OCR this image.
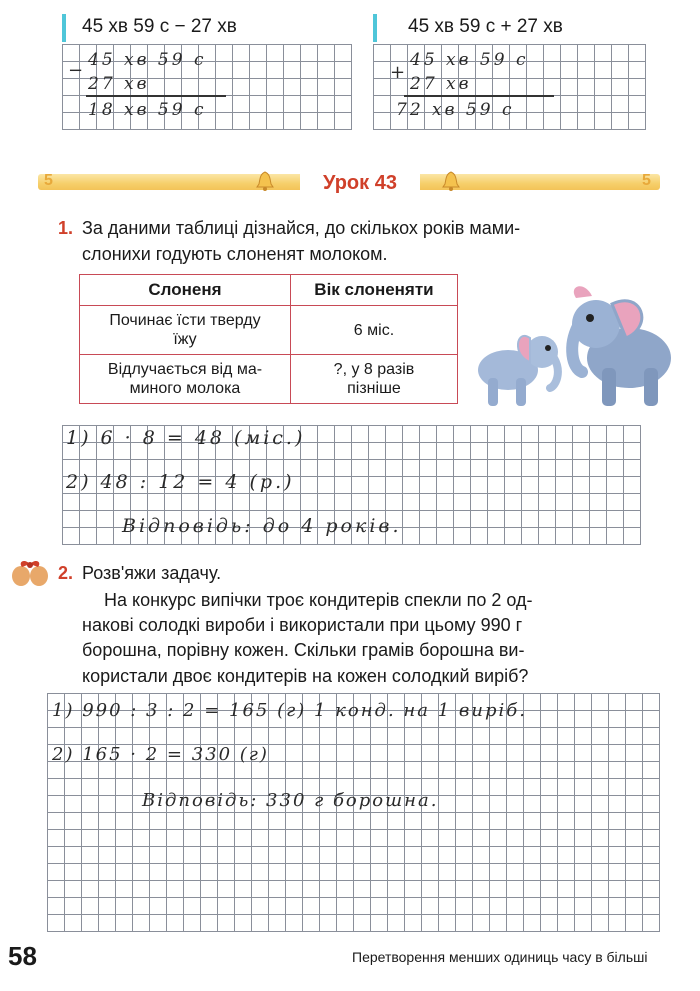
45 хв 59 с − 27 хв
− 45 хв 59 с
27 хв
18 хв 59 с
45 хв 59 с + 27 хв
+
45 хв 59 с
27 хв
72 хв 59 с
5	5
Урок 43
1. За даними таблиці дізнайся, до скількох років мами-
слонихи годують слоненят молоком.
Слоненя	Вік слоненяти
Починає їсти тверду
їжу	6 міс.
Відлучається від ма-
миного молока	?, у 8 разів
пізніше
1) 6 · 8 = 48 (міс.)
2) 48 : 12 = 4 (р.)
Відповідь: до 4 років.
2. Розв'яжи задачу.
На конкурс випічки троє кондитерів спекли по 2 од-
накові солодкі вироби і використали при цьому 990 г
борошна, порівну кожен. Скільки грамів борошна ви-
користали двоє кондитерів на кожен солодкий виріб?
1) 990 : 3 : 2 = 165 (г) 1 конд. на 1 виріб.
2) 165 · 2 = 330 (г)
Відповідь: 330 г борошна.
58	Перетворення менших одиниць часу в більші
